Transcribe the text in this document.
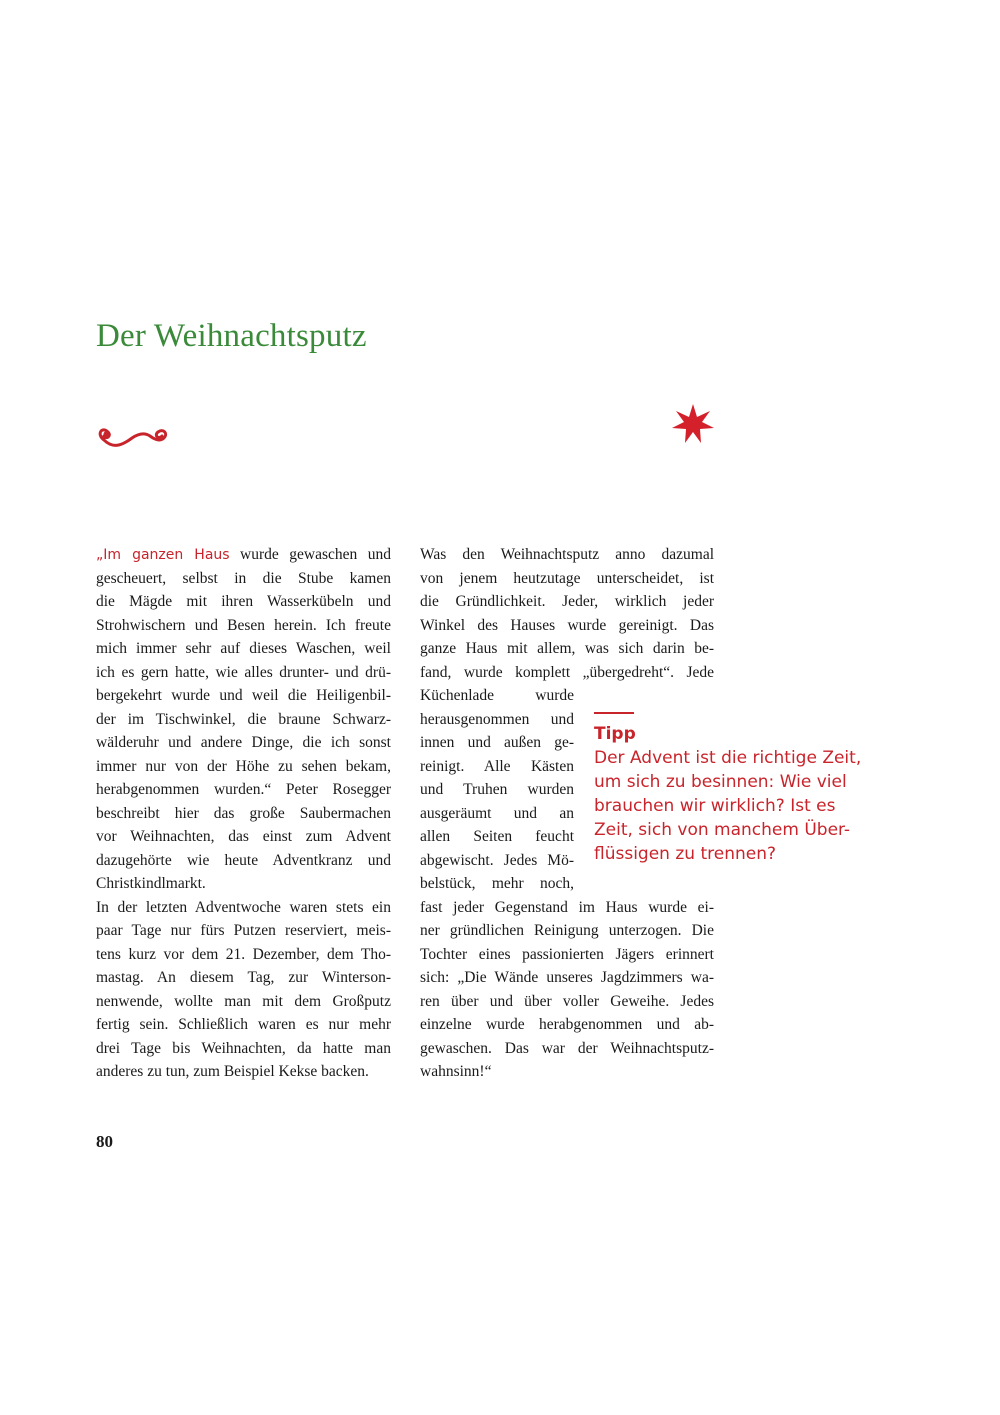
Der Weihnachtsputz
„Im ganzen Haus wurde gewaschen und
gescheuert, selbst in die Stube kamen
die Mägde mit ihren Wasserkübeln und
Strohwischern und Besen herein. Ich freute
mich immer sehr auf dieses Waschen, weil
ich es gern hatte, wie alles drunter- und drü-
bergekehrt wurde und weil die Heiligenbil-
der im Tischwinkel, die braune Schwarz-
wälderuhr und andere Dinge, die ich sonst
immer nur von der Höhe zu sehen bekam,
herabgenommen wurden.“ Peter Rosegger
beschreibt hier das große Saubermachen
vor Weihnachten, das einst zum Advent
dazugehörte wie heute Adventkranz und
Christkindlmarkt.
In der letzten Adventwoche waren stets ein
paar Tage nur fürs Putzen reserviert, meis-
tens kurz vor dem 21. Dezember, dem Tho-
mastag. An diesem Tag, zur Winterson-
nenwende, wollte man mit dem Großputz
fertig sein. Schließlich waren es nur mehr
drei Tage bis Weihnachten, da hatte man
anderes zu tun, zum Beispiel Kekse backen.
Was den Weihnachtsputz anno dazumal
von jenem heutzutage unterscheidet, ist
die Gründlichkeit. Jeder, wirklich jeder
Winkel des Hauses wurde gereinigt. Das
ganze Haus mit allem, was sich darin be-
fand, wurde komplett „übergedreht“. Jede
Küchenlade wurde
herausgenommen und
innen und außen ge-
reinigt. Alle Kästen
und Truhen wurden
ausgeräumt und an
allen Seiten feucht
abgewischt. Jedes Mö-
belstück, mehr noch,
fast jeder Gegenstand im Haus wurde ei-
ner gründlichen Reinigung unterzogen. Die
Tochter eines passionierten Jägers erinnert
sich: „Die Wände unseres Jagdzimmers wa-
ren über und über voller Geweihe. Jedes
einzelne wurde herabgenommen und ab-
gewaschen. Das war der Weihnachtsputz-
wahnsinn!“
Tipp
Der Advent ist die richtige Zeit,
um sich zu besinnen: Wie viel
brauchen wir wirklich? Ist es
Zeit, sich von manchem Über-
flüssigen zu trennen?
80
